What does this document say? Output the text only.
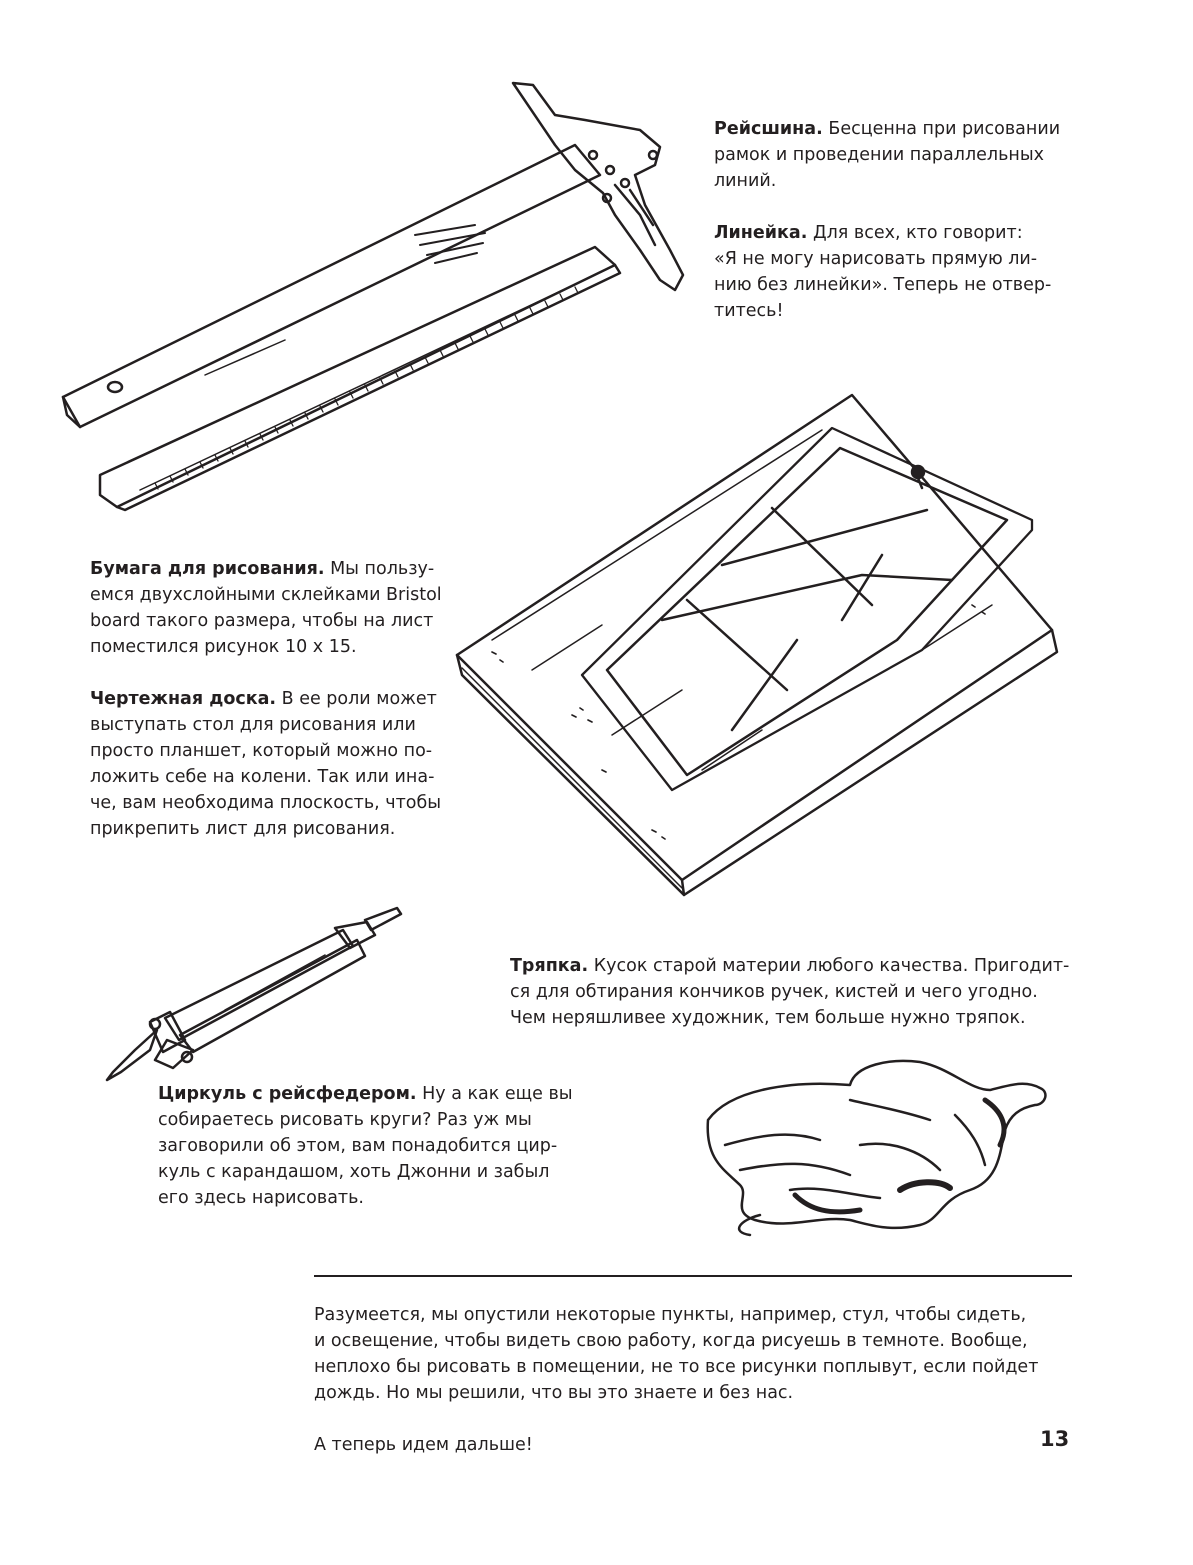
Рейсшина. Бесценна при рисовании
рамок и проведении параллельных
линий.

Линейка. Для всех, кто говорит:
«Я не могу нарисовать прямую ли-
нию без линейки». Теперь не отвер-
титесь!

Бумага для рисования. Мы пользу-
емся двухслойными склейками Bristol
board такого размера, чтобы на лист
поместился рисунок 10 х 15.

Чертежная доска. В ее роли может
выступать стол для рисования или
просто планшет, который можно по-
ложить себе на колени. Так или ина-
че, вам необходима плоскость, чтобы
прикрепить лист для рисования.

Тряпка. Кусок старой материи любого качества. Пригодит-
ся для обтирания кончиков ручек, кистей и чего угодно.
Чем неряшливее художник, тем больше нужно тряпок.

Циркуль с рейсфедером. Ну а как еще вы
собираетесь рисовать круги? Раз уж мы
заговорили об этом, вам понадобится цир-
куль с карандашом, хоть Джонни и забыл
его здесь нарисовать.

Разумеется, мы опустили некоторые пункты, например, стул, чтобы сидеть,
и освещение, чтобы видеть свою работу, когда рисуешь в темноте. Вообще,
неплохо бы рисовать в помещении, не то все рисунки поплывут, если пойдет
дождь. Но мы решили, что вы это знаете и без нас.

А теперь идем дальше!	13
